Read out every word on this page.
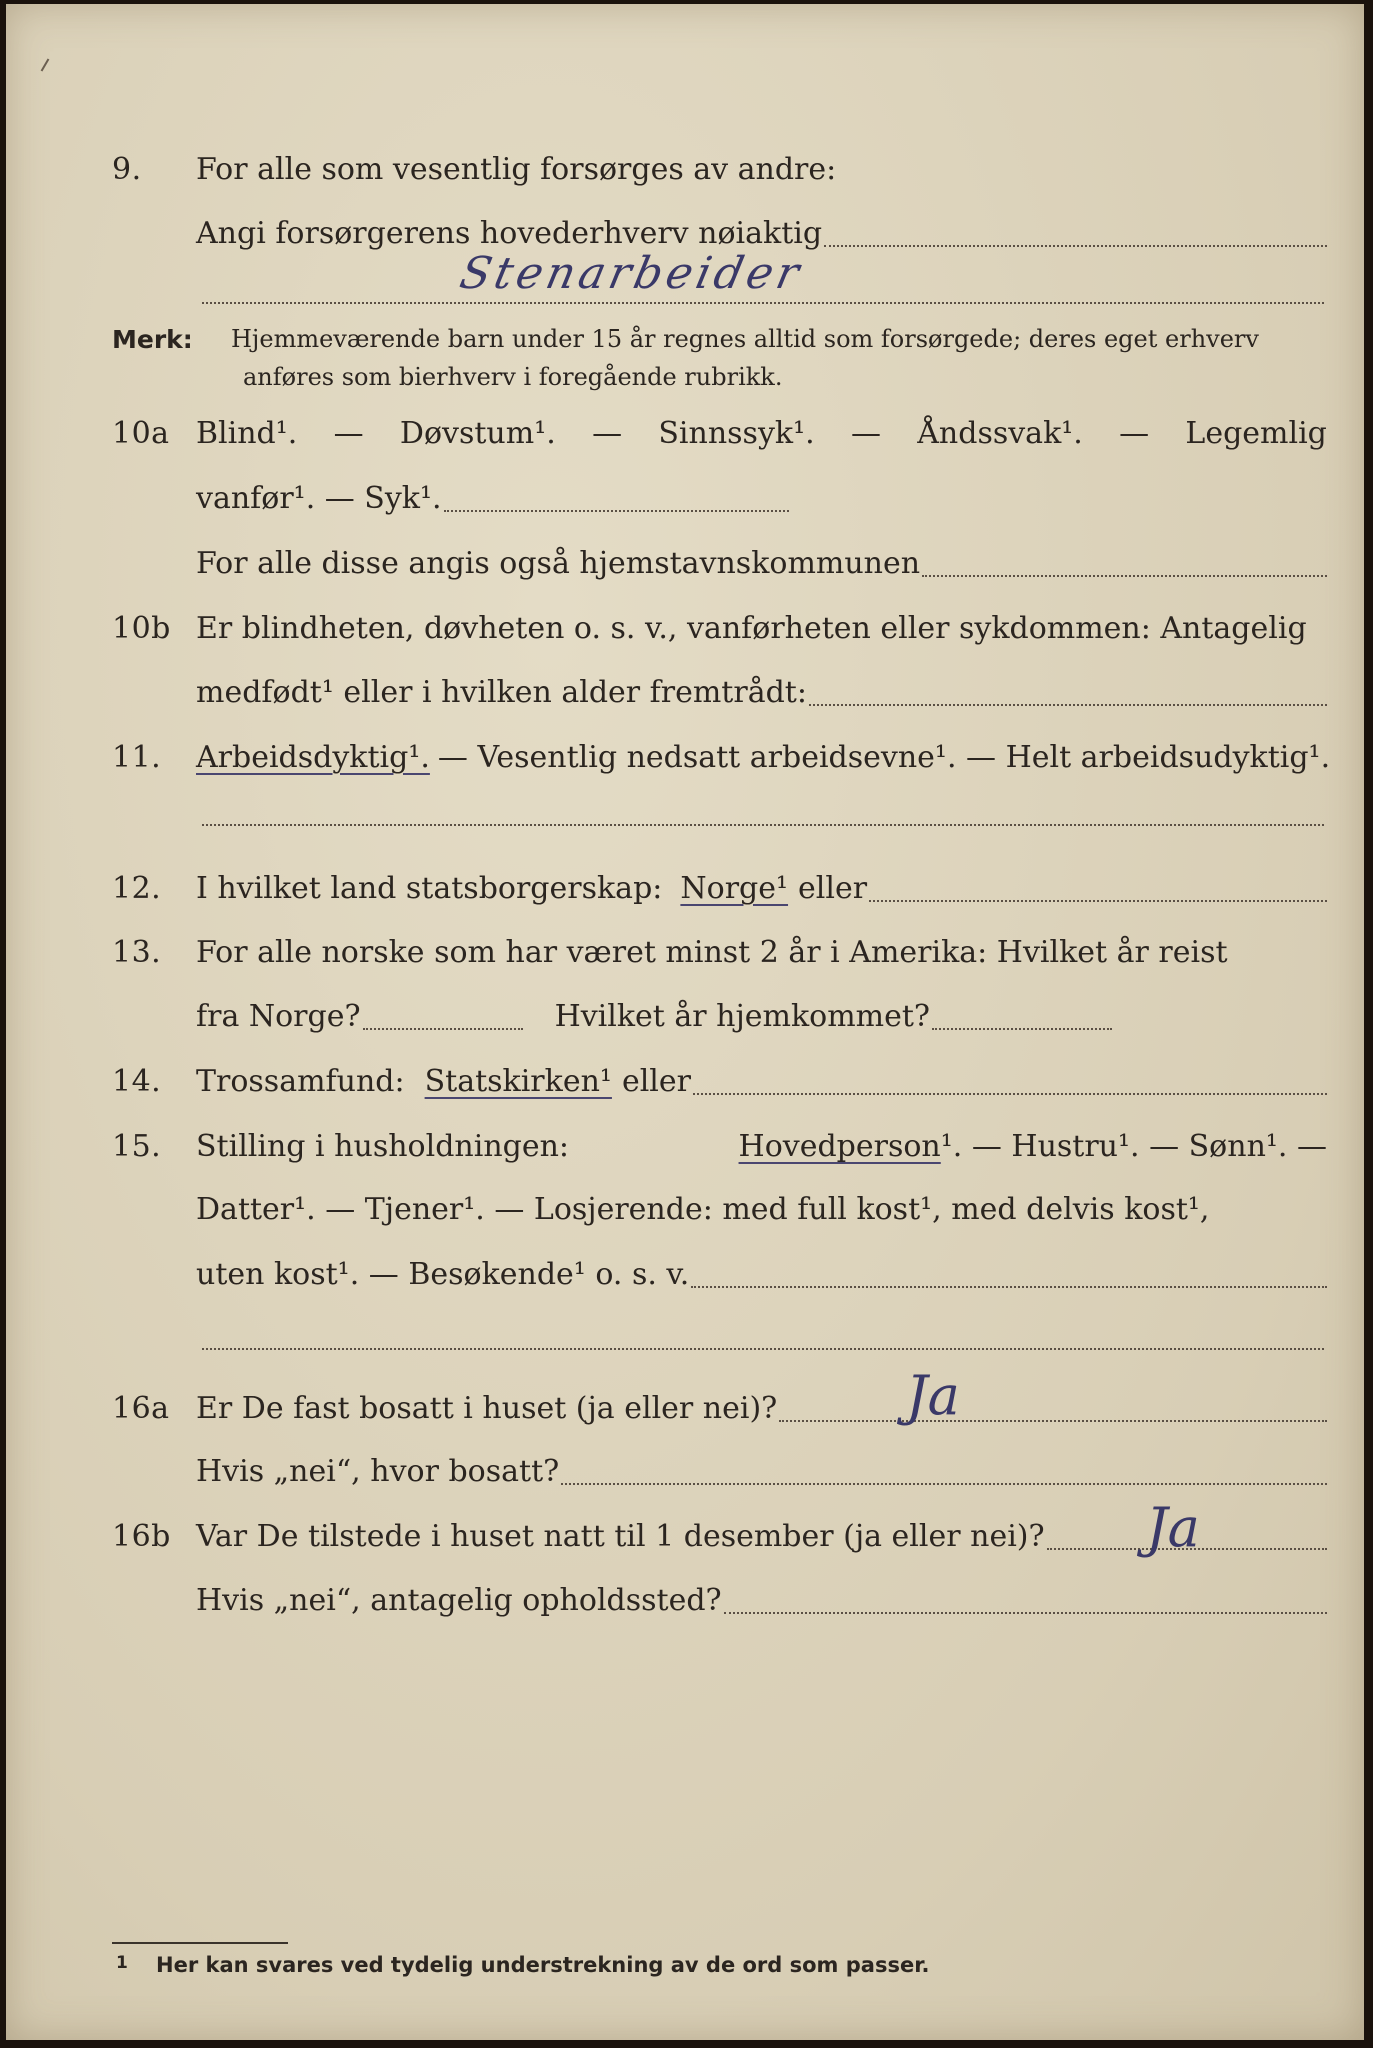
9.	For alle som vesentlig forsørges av andre:
Angi forsørgerens hovederhverv nøiaktig
Stenarbeider
Merk: Hjemmeværende barn under 15 år regnes alltid som forsørgede; deres eget erhverv
anføres som bierhverv i foregående rubrikk.
10a Blind¹. — Døvstum¹. — Sinnssyk¹. — Åndssvak¹. — Legemlig
vanfør¹. — Syk¹.
For alle disse angis også hjemstavnskommunen
10b Er blindheten, døvheten o. s. v., vanførheten eller sykdommen: Antagelig
medfødt¹ eller i hvilken alder fremtrådt:
11.	Arbeidsdyktig¹. — Vesentlig nedsatt arbeidsevne¹. — Helt arbeidsudyktig¹.
12.	I hvilket land statsborgerskap: Norge¹ eller
13.	For alle norske som har været minst 2 år i Amerika: Hvilket år reist
fra Norge?	Hvilket år hjemkommet?
14.	Trossamfund: Statskirken¹ eller
15.	Stilling i husholdningen:	Hovedperson¹. — Hustru¹. — Sønn¹. —
Datter¹. — Tjener¹. — Losjerende: med full kost¹, med delvis kost¹,
uten kost¹. — Besøkende¹ o. s. v.
16a Er De fast bosatt i huset (ja eller nei)? Ja
Hvis „nei“, hvor bosatt?
16b Var De tilstede i huset natt til 1 desember (ja eller nei)? Ja
Hvis „nei“, antagelig opholdssted?
1 Her kan svares ved tydelig understrekning av de ord som passer.
